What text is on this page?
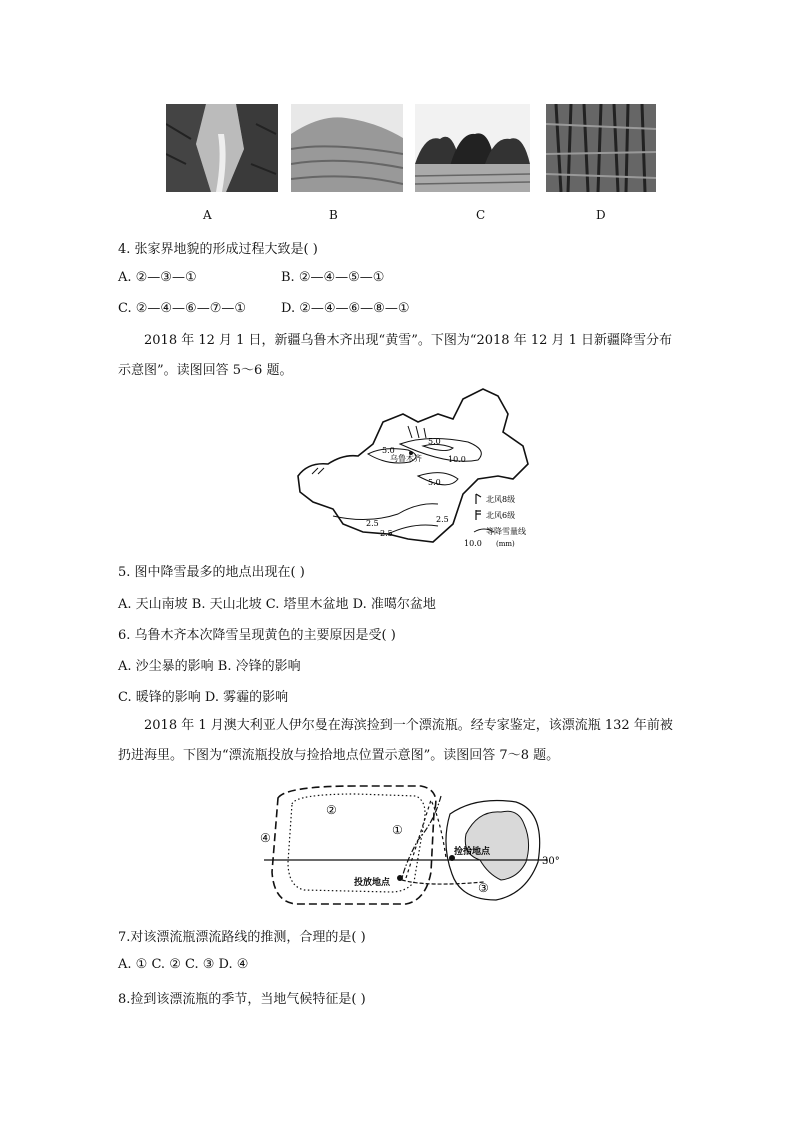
A	B	C	D
4. 张家界地貌的形成过程大致是( )
A. ②—③—①	B. ②—④—⑤—①
C. ②—④—⑥—⑦—①	D. ②—④—⑥—⑧—①
2018 年 12 月 1 日，新疆乌鲁木齐出现“黄雪”。下图为“2018 年 12 月 1 日新疆降雪分布示意图”。读图回答 5～6 题。
5.0
5.0
10.0
5.0
2.5	2.5
2.5
乌鲁木齐
北风8级
北风6级
等降雪量线
10.0 (mm)
5. 图中降雪最多的地点出现在( )
A. 天山南坡 B. 天山北坡 C. 塔里木盆地 D. 准噶尔盆地
6. 乌鲁木齐本次降雪呈现黄色的主要原因是受( )
A. 沙尘暴的影响 B. 冷锋的影响
C. 暖锋的影响 D. 雾霾的影响
2018 年 1 月澳大利亚人伊尔曼在海滨捡到一个漂流瓶。经专家鉴定，该漂流瓶 132 年前被扔进海里。下图为“漂流瓶投放与捡拾地点位置示意图”。读图回答 7～8 题。
②
①
④
③
捡拾地点
投放地点
30°
7.对该漂流瓶漂流路线的推测，合理的是( )
A. ① C. ② C. ③ D. ④
8.捡到该漂流瓶的季节，当地气候特征是( )
